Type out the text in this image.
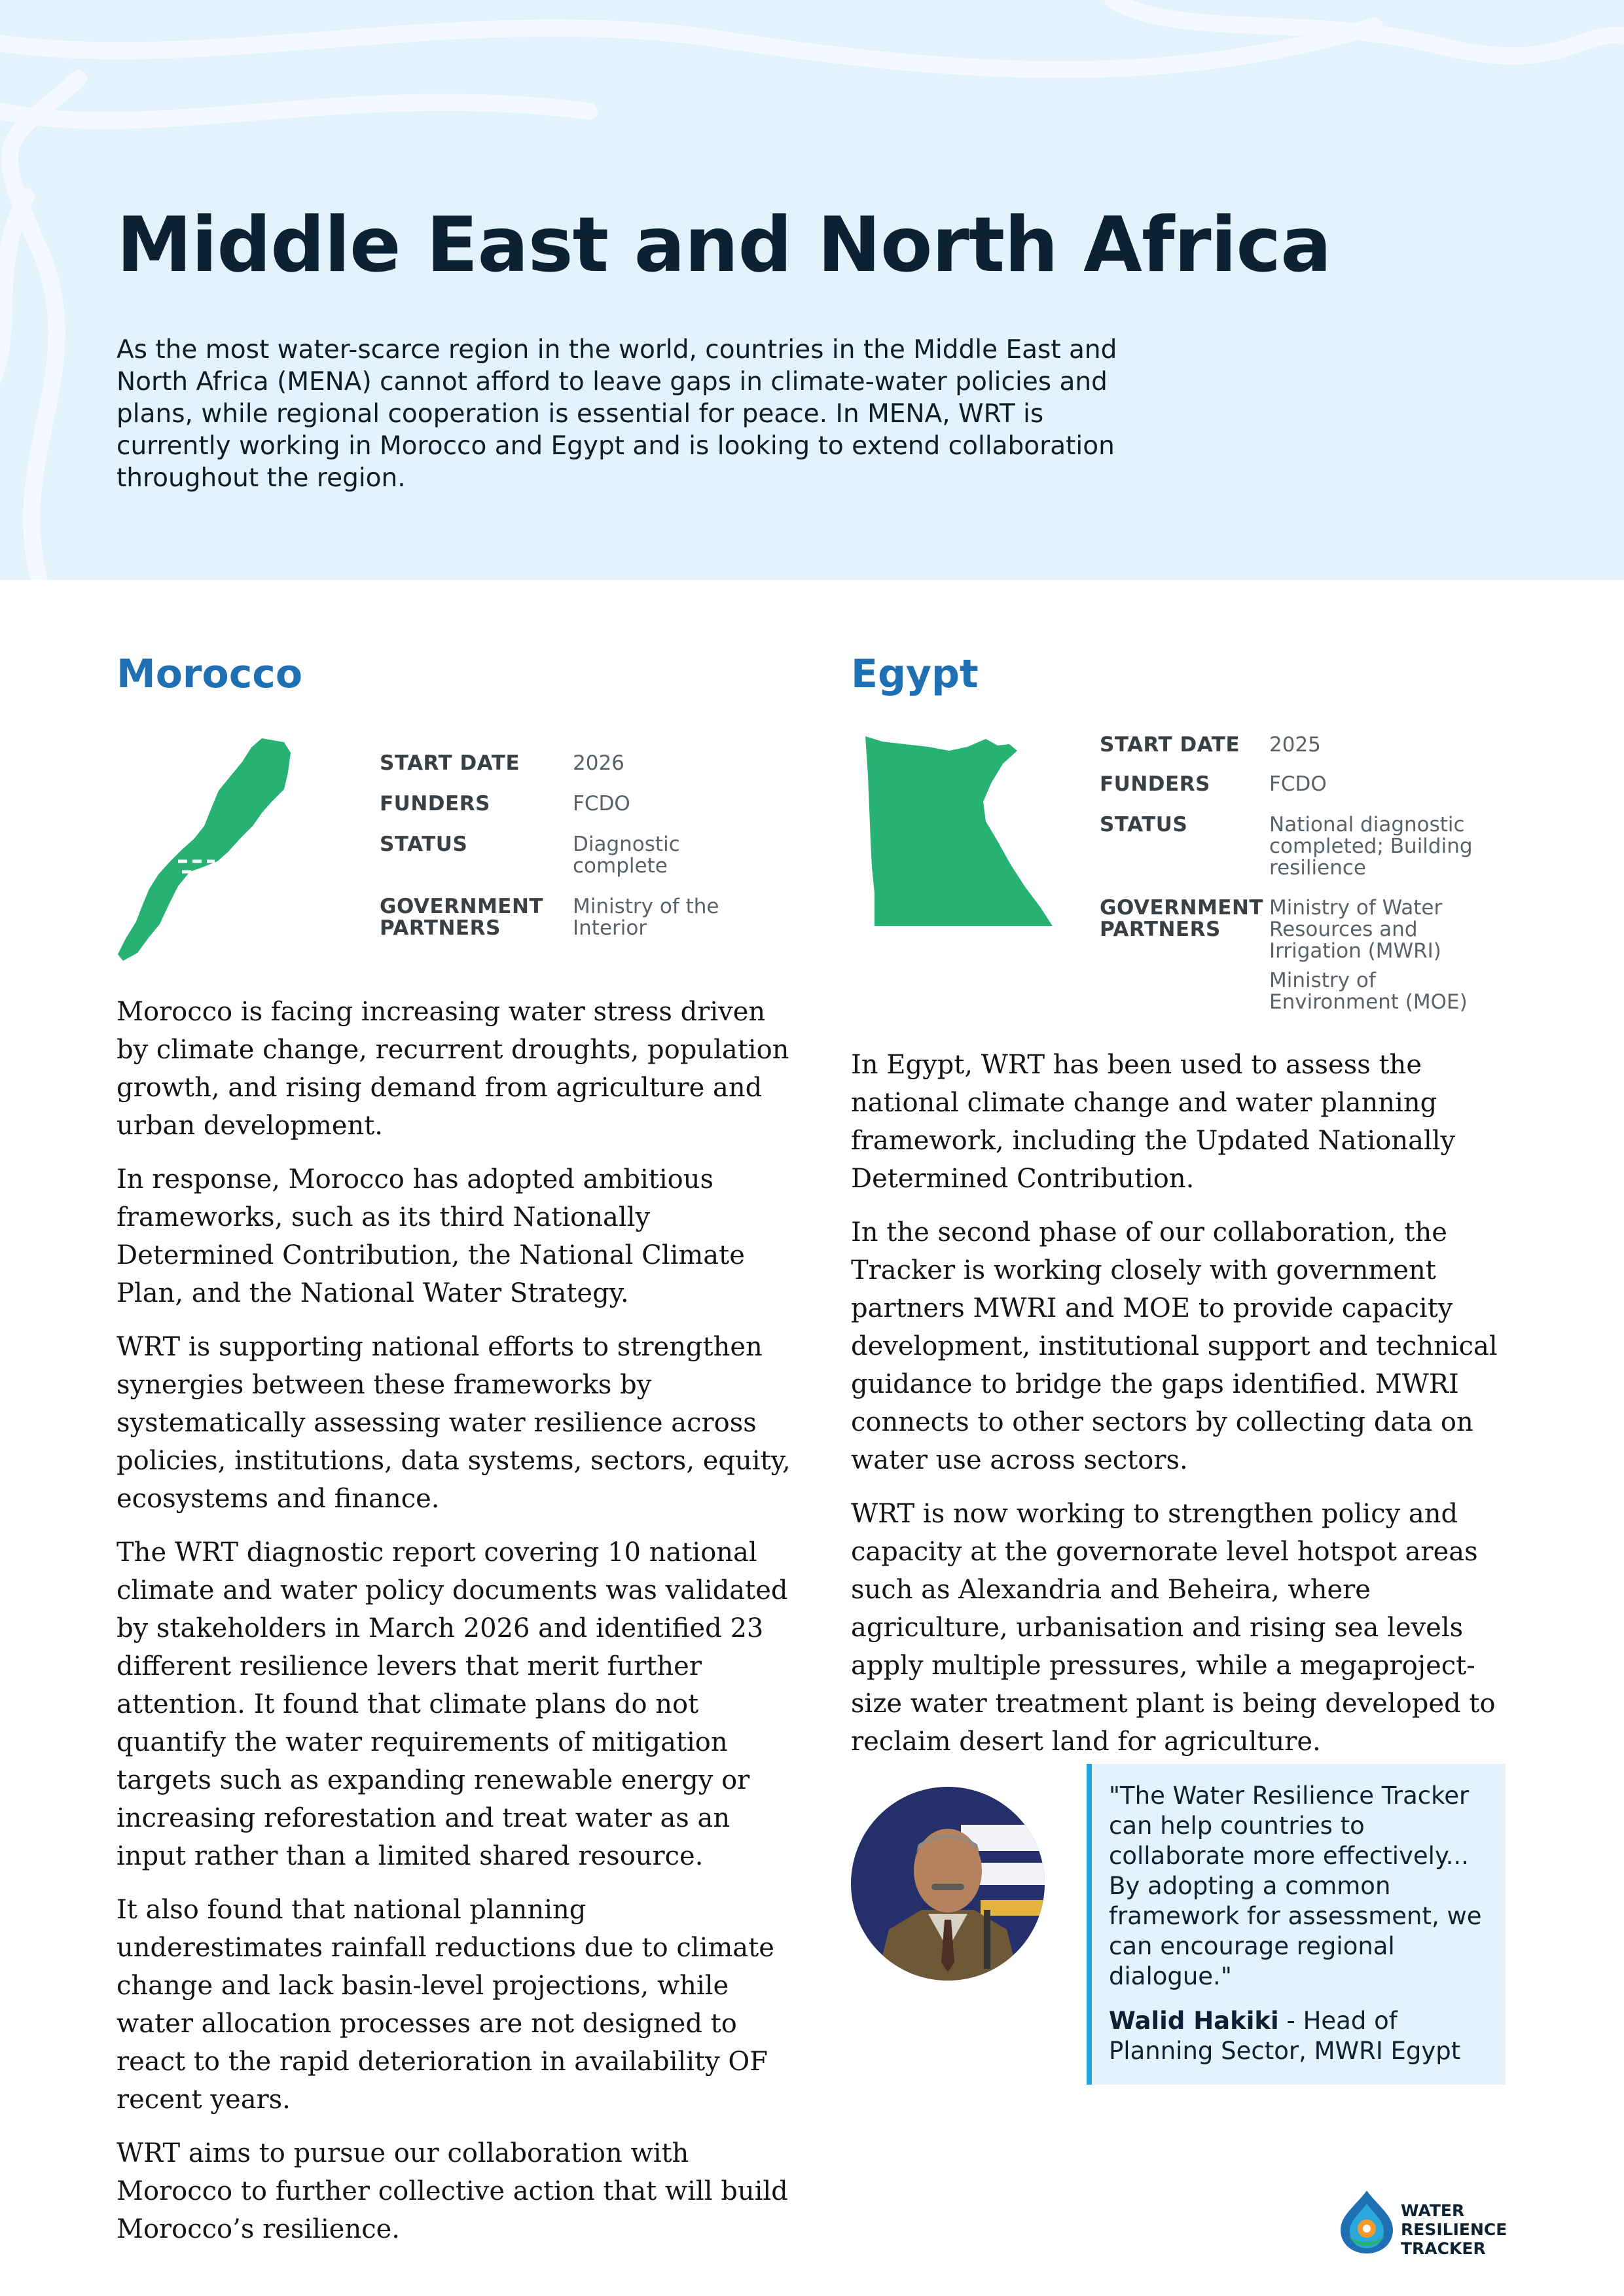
Middle East and North Africa

As the most water-scarce region in the world, countries in the Middle East and North Africa (MENA) cannot afford to leave gaps in climate-water policies and plans, while regional cooperation is essential for peace. In MENA, WRT is currently working in Morocco and Egypt and is looking to extend collaboration throughout the region.

Morocco
START DATE	2026
FUNDERS	FCDO
STATUS	Diagnostic complete
GOVERNMENT PARTNERS	Ministry of the Interior

Morocco is facing increasing water stress driven by climate change, recurrent droughts, population growth, and rising demand from agriculture and urban development.

In response, Morocco has adopted ambitious frameworks, such as its third Nationally Determined Contribution, the National Climate Plan, and the National Water Strategy.

WRT is supporting national efforts to strengthen synergies between these frameworks by systematically assessing water resilience across policies, institutions, data systems, sectors, equity, ecosystems and finance.

The WRT diagnostic report covering 10 national climate and water policy documents was validated by stakeholders in March 2026 and identified 23 different resilience levers that merit further attention. It found that climate plans do not quantify the water requirements of mitigation targets such as expanding renewable energy or increasing reforestation and treat water as an input rather than a limited shared resource.

It also found that national planning underestimates rainfall reductions due to climate change and lack basin-level projections, while water allocation processes are not designed to react to the rapid deterioration in availability OF recent years.

WRT aims to pursue our collaboration with Morocco to further collective action that will build Morocco’s resilience.

Egypt
START DATE	2025
FUNDERS	FCDO
STATUS	National diagnostic completed; Building resilience
GOVERNMENT PARTNERS	Ministry of Water Resources and Irrigation (MWRI)
Ministry of Environment (MOE)

In Egypt, WRT has been used to assess the national climate change and water planning framework, including the Updated Nationally Determined Contribution.

In the second phase of our collaboration, the Tracker is working closely with government partners MWRI and MOE to provide capacity development, institutional support and technical guidance to bridge the gaps identified. MWRI connects to other sectors by collecting data on water use across sectors.

WRT is now working to strengthen policy and capacity at the governorate level hotspot areas such as Alexandria and Beheira, where agriculture, urbanisation and rising sea levels apply multiple pressures, while a megaproject-size water treatment plant is being developed to reclaim desert land for agriculture.

"The Water Resilience Tracker can help countries to collaborate more effectively... By adopting a common framework for assessment, we can encourage regional dialogue."

Walid Hakiki - Head of Planning Sector, MWRI Egypt

WATER
RESILIENCE
TRACKER
